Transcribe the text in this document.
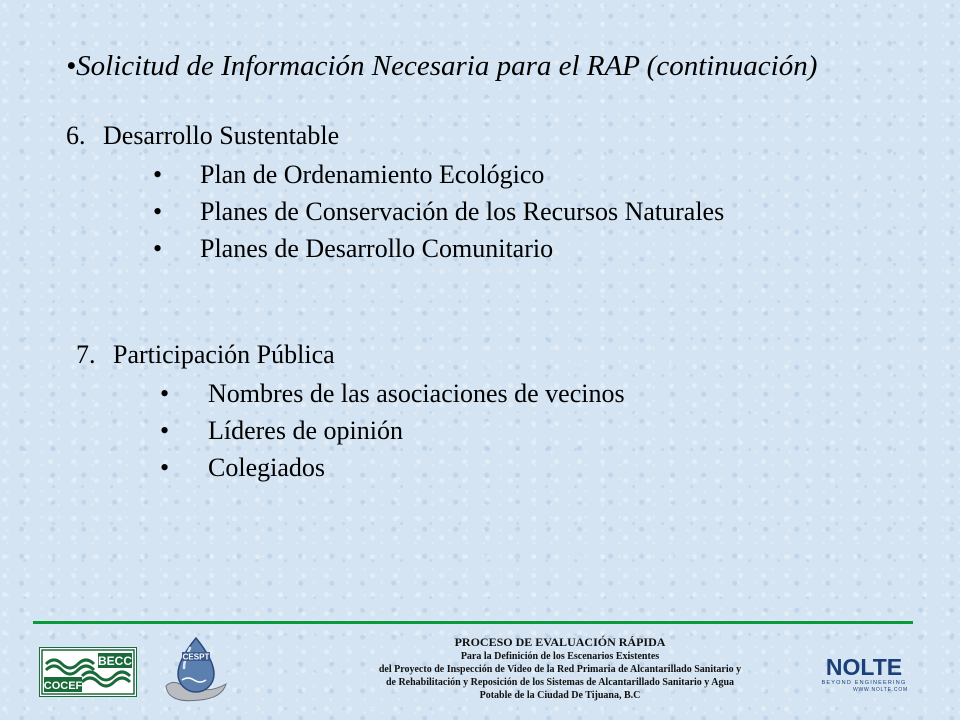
•Solicitud de Información Necesaria para el RAP (continuación)
6. Desarrollo Sustentable
• Plan de Ordenamiento Ecológico
• Planes de Conservación de los Recursos Naturales
• Planes de Desarrollo Comunitario
7. Participación Pública
• Nombres de las asociaciones de vecinos
• Líderes de opinión
• Colegiados
BECC
COCEF
CESPT	NOLTE
BEYOND ENGINEERING
WWW.NOLTE.COM
PROCESO DE EVALUACIÓN RÁPIDA
Para la Definición de los Escenarios Existentes
del Proyecto de Inspección de Video de la Red Primaria de Alcantarillado Sanitario y
de Rehabilitación y Reposición de los Sistemas de Alcantarillado Sanitario y Agua
Potable de la Ciudad De Tijuana, B.C
